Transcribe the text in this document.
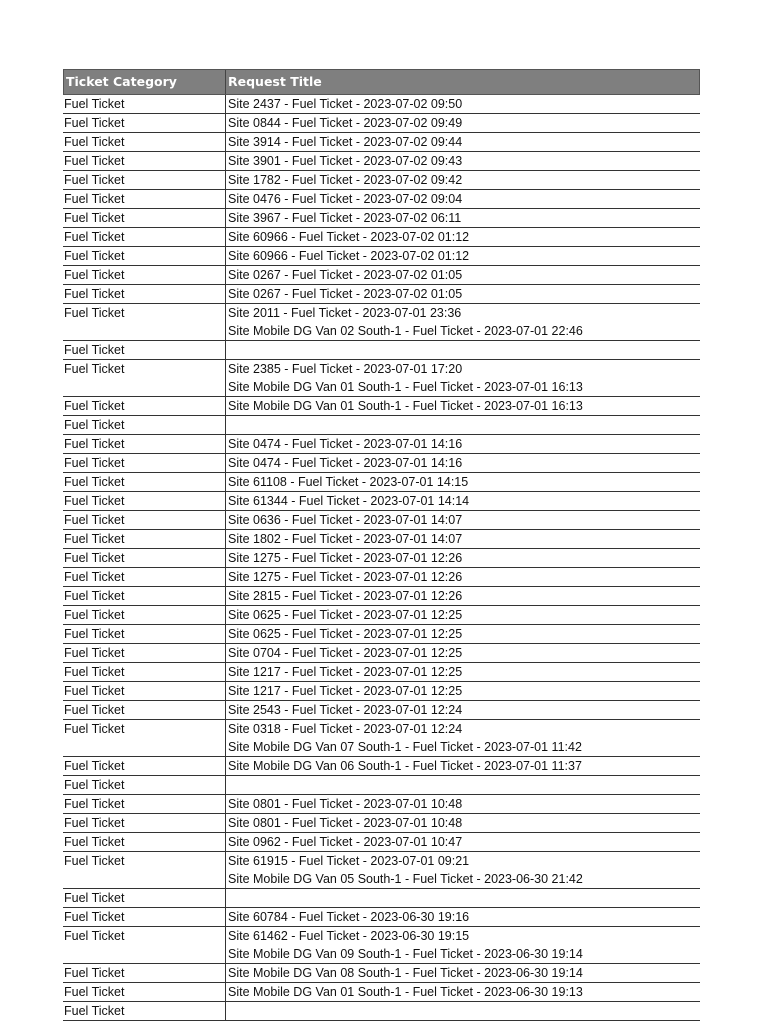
Ticket Category	Request Title
Fuel Ticket	Site 2437 - Fuel Ticket - 2023-07-02 09:50
Fuel Ticket	Site 0844 - Fuel Ticket - 2023-07-02 09:49
Fuel Ticket	Site 3914 - Fuel Ticket - 2023-07-02 09:44
Fuel Ticket	Site 3901 - Fuel Ticket - 2023-07-02 09:43
Fuel Ticket	Site 1782 - Fuel Ticket - 2023-07-02 09:42
Fuel Ticket	Site 0476 - Fuel Ticket - 2023-07-02 09:04
Fuel Ticket	Site 3967 - Fuel Ticket - 2023-07-02 06:11
Fuel Ticket	Site 60966 - Fuel Ticket - 2023-07-02 01:12
Fuel Ticket	Site 60966 - Fuel Ticket - 2023-07-02 01:12
Fuel Ticket	Site 0267 - Fuel Ticket - 2023-07-02 01:05
Fuel Ticket	Site 0267 - Fuel Ticket - 2023-07-02 01:05
Fuel Ticket	Site 2011 - Fuel Ticket - 2023-07-01 23:36
Site Mobile DG Van 02 South-1 - Fuel Ticket - 2023-07-01 22:46
Fuel Ticket
Fuel Ticket	Site 2385 - Fuel Ticket - 2023-07-01 17:20
Site Mobile DG Van 01 South-1 - Fuel Ticket - 2023-07-01 16:13
Fuel Ticket	Site Mobile DG Van 01 South-1 - Fuel Ticket - 2023-07-01 16:13
Fuel Ticket
Fuel Ticket	Site 0474 - Fuel Ticket - 2023-07-01 14:16
Fuel Ticket	Site 0474 - Fuel Ticket - 2023-07-01 14:16
Fuel Ticket	Site 61108 - Fuel Ticket - 2023-07-01 14:15
Fuel Ticket	Site 61344 - Fuel Ticket - 2023-07-01 14:14
Fuel Ticket	Site 0636 - Fuel Ticket - 2023-07-01 14:07
Fuel Ticket	Site 1802 - Fuel Ticket - 2023-07-01 14:07
Fuel Ticket	Site 1275 - Fuel Ticket - 2023-07-01 12:26
Fuel Ticket	Site 1275 - Fuel Ticket - 2023-07-01 12:26
Fuel Ticket	Site 2815 - Fuel Ticket - 2023-07-01 12:26
Fuel Ticket	Site 0625 - Fuel Ticket - 2023-07-01 12:25
Fuel Ticket	Site 0625 - Fuel Ticket - 2023-07-01 12:25
Fuel Ticket	Site 0704 - Fuel Ticket - 2023-07-01 12:25
Fuel Ticket	Site 1217 - Fuel Ticket - 2023-07-01 12:25
Fuel Ticket	Site 1217 - Fuel Ticket - 2023-07-01 12:25
Fuel Ticket	Site 2543 - Fuel Ticket - 2023-07-01 12:24
Fuel Ticket	Site 0318 - Fuel Ticket - 2023-07-01 12:24
Site Mobile DG Van 07 South-1 - Fuel Ticket - 2023-07-01 11:42
Fuel Ticket	Site Mobile DG Van 06 South-1 - Fuel Ticket - 2023-07-01 11:37
Fuel Ticket
Fuel Ticket	Site 0801 - Fuel Ticket - 2023-07-01 10:48
Fuel Ticket	Site 0801 - Fuel Ticket - 2023-07-01 10:48
Fuel Ticket	Site 0962 - Fuel Ticket - 2023-07-01 10:47
Fuel Ticket	Site 61915 - Fuel Ticket - 2023-07-01 09:21
Site Mobile DG Van 05 South-1 - Fuel Ticket - 2023-06-30 21:42
Fuel Ticket
Fuel Ticket	Site 60784 - Fuel Ticket - 2023-06-30 19:16
Fuel Ticket	Site 61462 - Fuel Ticket - 2023-06-30 19:15
Site Mobile DG Van 09 South-1 - Fuel Ticket - 2023-06-30 19:14
Fuel Ticket	Site Mobile DG Van 08 South-1 - Fuel Ticket - 2023-06-30 19:14
Fuel Ticket	Site Mobile DG Van 01 South-1 - Fuel Ticket - 2023-06-30 19:13
Fuel Ticket
